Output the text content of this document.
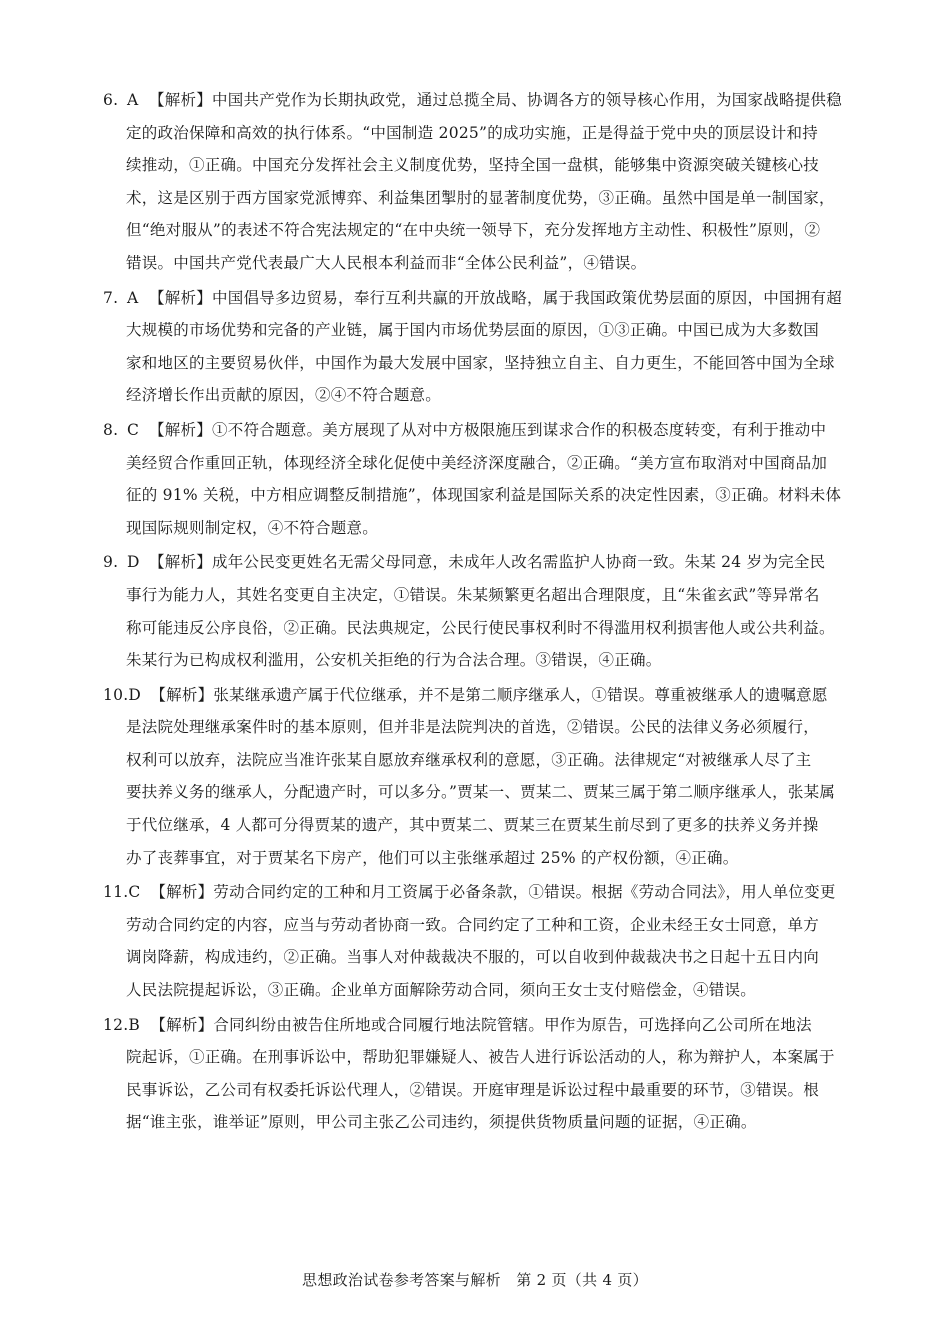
6. A 【解析】中国共产党作为长期执政党，通过总揽全局、协调各方的领导核心作用，为国家战略提供稳
定的政治保障和高效的执行体系。“中国制造 2025”的成功实施，正是得益于党中央的顶层设计和持
续推动，①正确。中国充分发挥社会主义制度优势，坚持全国一盘棋，能够集中资源突破关键核心技
术，这是区别于西方国家党派博弈、利益集团掣肘的显著制度优势，③正确。虽然中国是单一制国家，
但“绝对服从”的表述不符合宪法规定的“在中央统一领导下，充分发挥地方主动性、积极性”原则，②
错误。中国共产党代表最广大人民根本利益而非“全体公民利益”，④错误。
7. A 【解析】中国倡导多边贸易，奉行互利共赢的开放战略，属于我国政策优势层面的原因，中国拥有超
大规模的市场优势和完备的产业链，属于国内市场优势层面的原因，①③正确。中国已成为大多数国
家和地区的主要贸易伙伴，中国作为最大发展中国家，坚持独立自主、自力更生，不能回答中国为全球
经济增长作出贡献的原因，②④不符合题意。
8. C 【解析】①不符合题意。美方展现了从对中方极限施压到谋求合作的积极态度转变，有利于推动中
美经贸合作重回正轨，体现经济全球化促使中美经济深度融合，②正确。“美方宣布取消对中国商品加
征的 91% 关税，中方相应调整反制措施”，体现国家利益是国际关系的决定性因素，③正确。材料未体
现国际规则制定权，④不符合题意。
9. D 【解析】成年公民变更姓名无需父母同意，未成年人改名需监护人协商一致。朱某 24 岁为完全民
事行为能力人，其姓名变更自主决定，①错误。朱某频繁更名超出合理限度，且“朱雀玄武”等异常名
称可能违反公序良俗，②正确。民法典规定，公民行使民事权利时不得滥用权利损害他人或公共利益。
朱某行为已构成权利滥用，公安机关拒绝的行为合法合理。③错误，④正确。
10.D 【解析】张某继承遗产属于代位继承，并不是第二顺序继承人，①错误。尊重被继承人的遗嘱意愿
是法院处理继承案件时的基本原则，但并非是法院判决的首选，②错误。公民的法律义务必须履行，
权利可以放弃，法院应当准许张某自愿放弃继承权利的意愿，③正确。法律规定“对被继承人尽了主
要扶养义务的继承人，分配遗产时，可以多分。”贾某一、贾某二、贾某三属于第二顺序继承人，张某属
于代位继承，4 人都可分得贾某的遗产，其中贾某二、贾某三在贾某生前尽到了更多的扶养义务并操
办了丧葬事宜，对于贾某名下房产，他们可以主张继承超过 25% 的产权份额，④正确。
11.C 【解析】劳动合同约定的工种和月工资属于必备条款，①错误。根据《劳动合同法》，用人单位变更
劳动合同约定的内容，应当与劳动者协商一致。合同约定了工种和工资，企业未经王女士同意，单方
调岗降薪，构成违约，②正确。当事人对仲裁裁决不服的，可以自收到仲裁裁决书之日起十五日内向
人民法院提起诉讼，③正确。企业单方面解除劳动合同，须向王女士支付赔偿金，④错误。
12.B 【解析】合同纠纷由被告住所地或合同履行地法院管辖。甲作为原告，可选择向乙公司所在地法
院起诉，①正确。在刑事诉讼中，帮助犯罪嫌疑人、被告人进行诉讼活动的人，称为辩护人，本案属于
民事诉讼，乙公司有权委托诉讼代理人，②错误。开庭审理是诉讼过程中最重要的环节，③错误。根
据“谁主张，谁举证”原则，甲公司主张乙公司违约，须提供货物质量问题的证据，④正确。
思想政治试卷参考答案与解析　第 2 页（共 4 页）
